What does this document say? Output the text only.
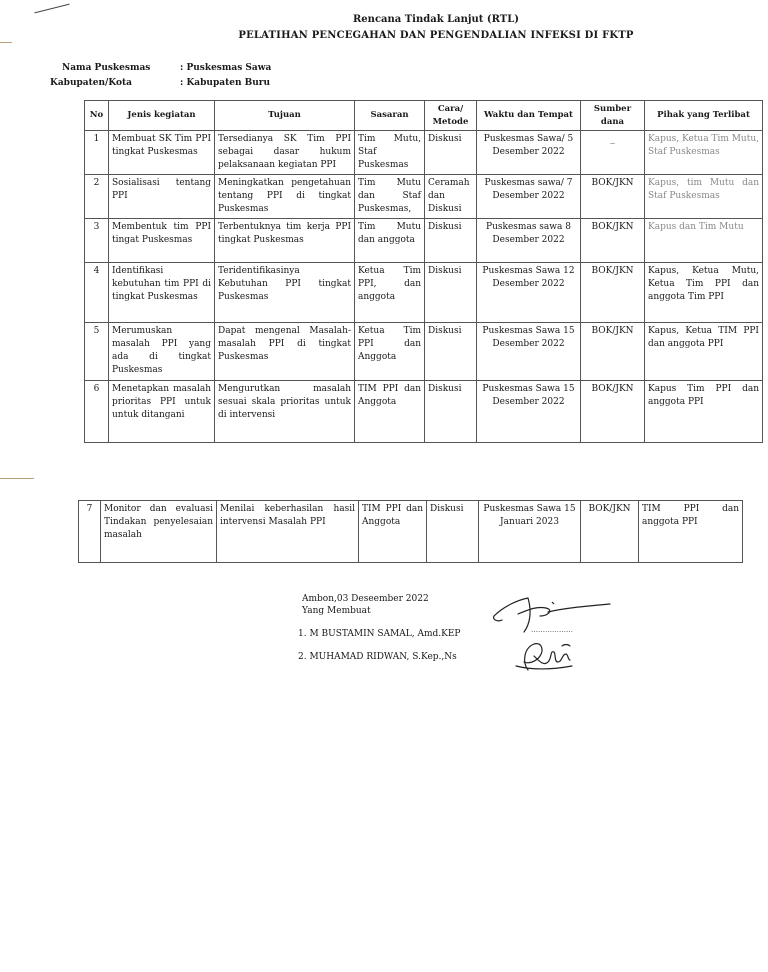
Rencana Tindak Lanjut (RTL)
PELATIHAN PENCEGAHAN DAN PENGENDALIAN INFEKSI DI FKTP
Nama Puskesmas	: Puskesmas Sawa
Kabupaten/Kota	: Kabupaten Buru
No	Jenis kegiatan	Tujuan	Sasaran	Cara/ Metode	Waktu dan Tempat	Sumber dana	Pihak yang Terlibat
1	Membuat SK Tim PPI tingkat Puskesmas	Tersedianya SK Tim PPI sebagai dasar hukum pelaksanaan kegiatan PPI	Tim Mutu, Staf Puskesmas	Diskusi	Puskesmas Sawa/ 5 Desember 2022	_	Kapus, Ketua Tim Mutu, Staf Puskesmas
2	Sosialisasi tentang PPI	Meningkatkan pengetahuan tentang PPI di tingkat Puskesmas	Tim Mutu dan Staf Puskesmas,	Ceramah dan Diskusi	Puskesmas sawa/ 7 Desember 2022	BOK/JKN	Kapus, tim Mutu dan Staf Puskesmas
3	Membentuk tim PPI tingat Puskesmas	Terbentuknya tim kerja PPI tingkat Puskesmas	Tim Mutu dan anggota	Diskusi	Puskesmas sawa 8 Desember 2022	BOK/JKN	Kapus dan Tim Mutu
4	Identifikasi kebutuhan tim PPI di tingkat Puskesmas	Teridentifikasinya Kebutuhan PPI tingkat Puskesmas	Ketua Tim PPI, dan anggota	Diskusi	Puskesmas Sawa 12 Desember 2022	BOK/JKN	Kapus, Ketua Mutu, Ketua Tim PPI dan anggota Tim PPI
5	Merumuskan masalah PPI yang ada di tingkat Puskesmas	Dapat mengenal Masalah-masalah PPI di tingkat Puskesmas	Ketua Tim PPI dan Anggota	Diskusi	Puskesmas Sawa 15 Desember 2022	BOK/JKN	Kapus, Ketua TIM PPI dan anggota PPI
6	Menetapkan masalah prioritas PPI untuk untuk ditangani	Mengurutkan masalah sesuai skala prioritas untuk di intervensi	TIM PPI dan Anggota	Diskusi	Puskesmas Sawa 15 Desember 2022	BOK/JKN	Kapus Tim PPI dan anggota PPI
7	Monitor dan evaluasi Tindakan penyelesaian masalah	Menilai keberhasilan hasil intervensi Masalah PPI	TIM PPI dan Anggota	Diskusi	Puskesmas Sawa 15 Januari 2023	BOK/JKN	TIM PPI dan anggota PPI
Ambon,03 Deseember 2022
Yang Membuat
1. M BUSTAMIN SAMAL, Amd.KEP
2. MUHAMAD RIDWAN, S.Kep.,Ns
………………
